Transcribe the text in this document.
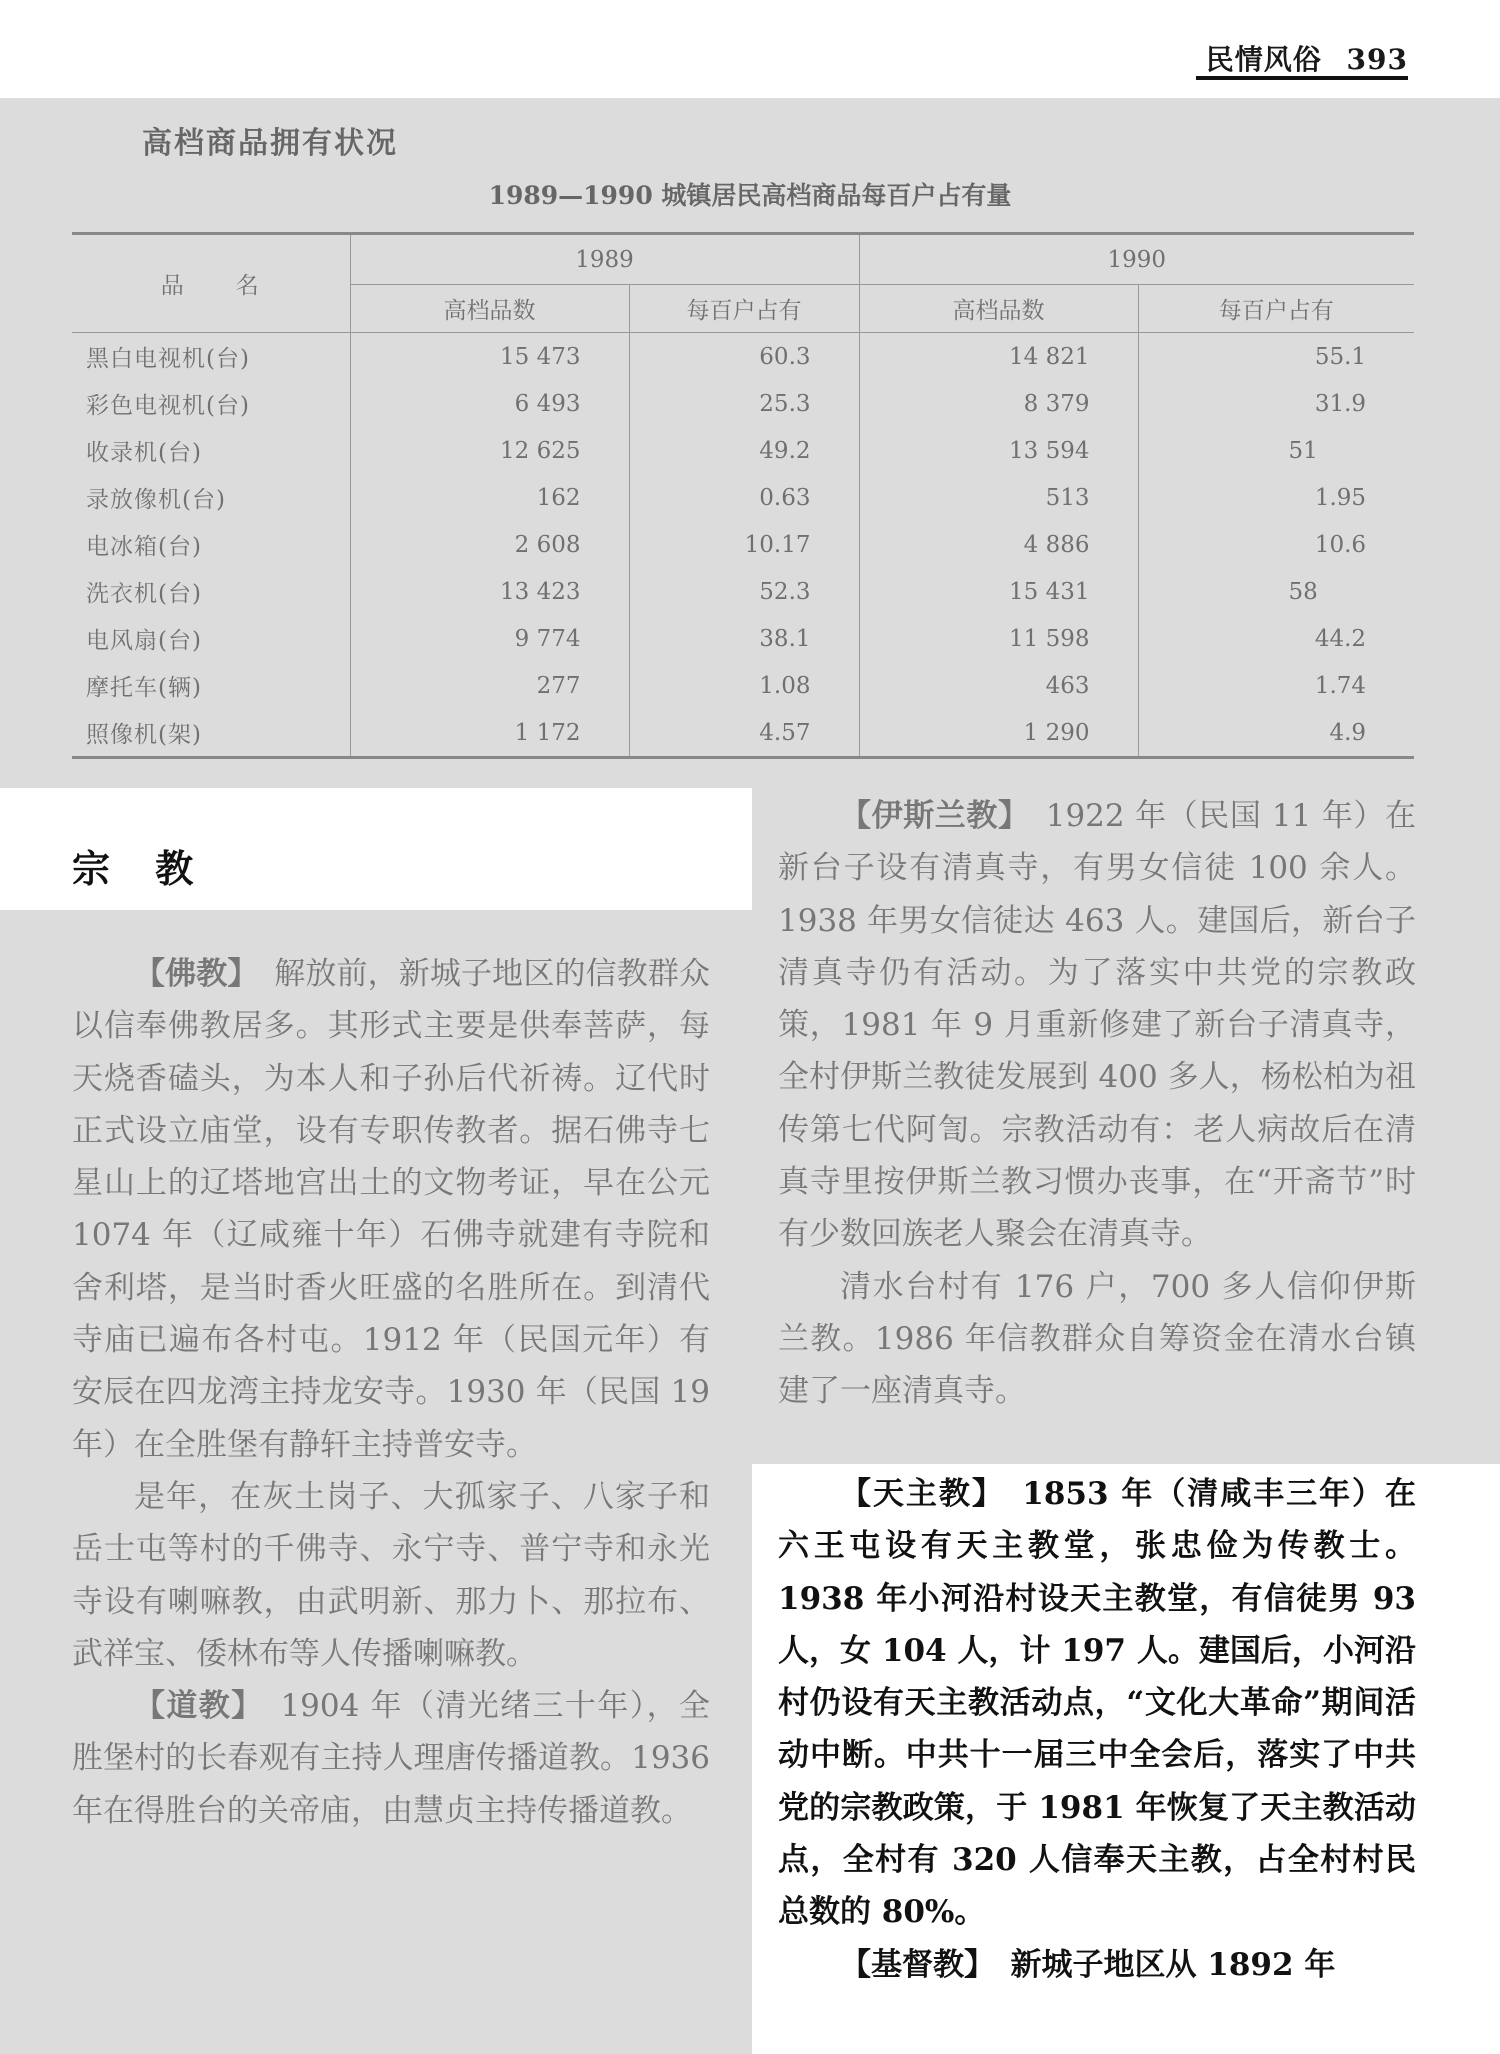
民情风俗 393
高档商品拥有状况
1989—1990 城镇居民高档商品每百户占有量
品　　名	1989		1990	
	高档品数	每百户占有	高档品数	每百户占有
黑白电视机(台)	15 473	60.3	14 821	55.1
彩色电视机(台)	6 493	25.3	8 379	31.9
收录机(台)	12 625	49.2	13 594	51
录放像机(台)	162	0.63	513	1.95
电冰箱(台)	2 608	10.17	4 886	10.6
洗衣机(台)	13 423	52.3	15 431	58
电风扇(台)	9 774	38.1	11 598	44.2
摩托车(辆)	277	1.08	463	1.74
照像机(架)	1 172	4.57	1 290	4.9
宗 教

【佛教】　 解放前，新城子地区的信教群众以信奉佛教居多。其形式主要是供奉菩萨，每天烧香磕头，为本人和子孙后代祈祷。辽代时正式设立庙堂，设有专职传教者。据石佛寺七星山上的辽塔地宫出土的文物考证，早在公元 1074 年（辽咸雍十年）石佛寺就建有寺院和舍利塔，是当时香火旺盛的名胜所在。到清代寺庙已遍布各村屯。1912 年（民国元年）有安辰在四龙湾主持龙安寺。1930 年（民国 19 年）在全胜堡有静轩主持普安寺。

是年，在灰土岗子、大孤家子、八家子和岳士屯等村的千佛寺、永宁寺、普宁寺和永光寺设有喇嘛教，由武明新、那力卜、那拉布、武祥宝、倭林布等人传播喇嘛教。

【道教】　 1904 年（清光绪三十年），全胜堡村的长春观有主持人理唐传播道教。1936 年在得胜台的关帝庙，由慧贞主持传播道教。

【伊斯兰教】　 1922 年（民国 11 年）在新台子设有清真寺，有男女信徒 100 余人。1938 年男女信徒达 463 人。建国后，新台子清真寺仍有活动。为了落实中共党的宗教政策，1981 年 9 月重新修建了新台子清真寺，全村伊斯兰教徒发展到 400 多人，杨松柏为祖传第七代阿訇。宗教活动有：老人病故后在清真寺里按伊斯兰教习惯办丧事，在“开斋节”时有少数回族老人聚会在清真寺。

清水台村有 176 户，700 多人信仰伊斯兰教。1986 年信教群众自筹资金在清水台镇建了一座清真寺。

【天主教】　 1853 年（清咸丰三年）在六王屯设有天主教堂，张忠俭为传教士。1938 年小河沿村设天主教堂，有信徒男 93 人，女 104 人，计 197 人。建国后，小河沿村仍设有天主教活动点，“文化大革命”期间活动中断。中共十一届三中全会后，落实了中共党的宗教政策，于 1981 年恢复了天主教活动点，全村有 320 人信奉天主教，占全村村民总数的 80%。

【基督教】　 新城子地区从 1892 年
